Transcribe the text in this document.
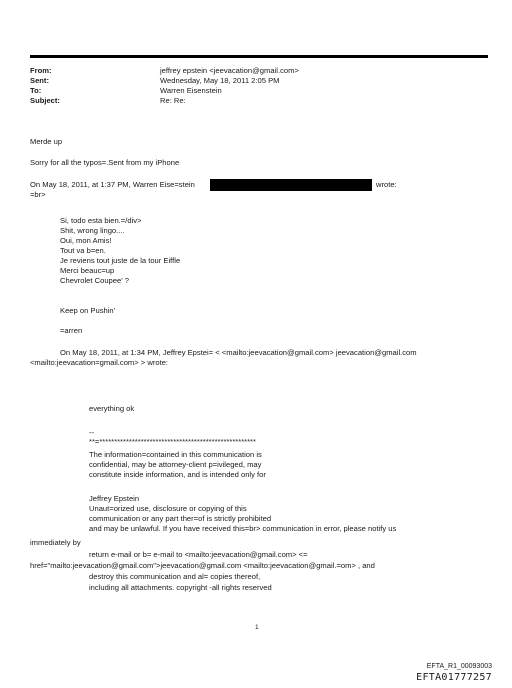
From:	jeffrey epstein <jeevacation@gmail.com>
Sent:	Wednesday, May 18, 2011 2:05 PM
To:	Warren Eisenstein
Subject:	Re: Re:
Merde up
Sorry for all the typos=.Sent from my iPhone
On May 18, 2011, at 1:37 PM, Warren Eise=stein	wrote:
=br>
Si, todo esta bien.=/div>
Shit, wrong lingo....
Oui, mon Amis!
Tout va b=en.
Je reviens tout juste de la tour Eiffle
Merci beauc=up
Chevrolet Coupee' ?
Keep on Pushin'
=arren
On May 18, 2011, at 1:34 PM, Jeffrey Epstei= < <mailto:jeevacation@gmail.com> jeevacation@gmail.com
<mailto:jeevacation=gmail.com> > wrote:
everything ok
--
**=*****************************************************
The information=contained in this communication is
confidential, may be attorney-client p=ivileged, may
constitute inside information, and is intended only for
Jeffrey Epstein
Unaut=orized use, disclosure or copying of this
communication or any part ther=of is strictly prohibited
and may be unlawful. If you have received this=br> communication in error, please notify us
immediately by
return e-mail or b= e-mail to <mailto:jeevacation@gmail.com> <=
href="mailto:jeevacation@gmail.com">jeevacation@gmail.com <mailto:jeevacation@gmail.=om> , and
destroy this communication and al= copies thereof,
including all attachments. copyright -all rights reserved
1
EFTA_R1_00093003
EFTA01777257
